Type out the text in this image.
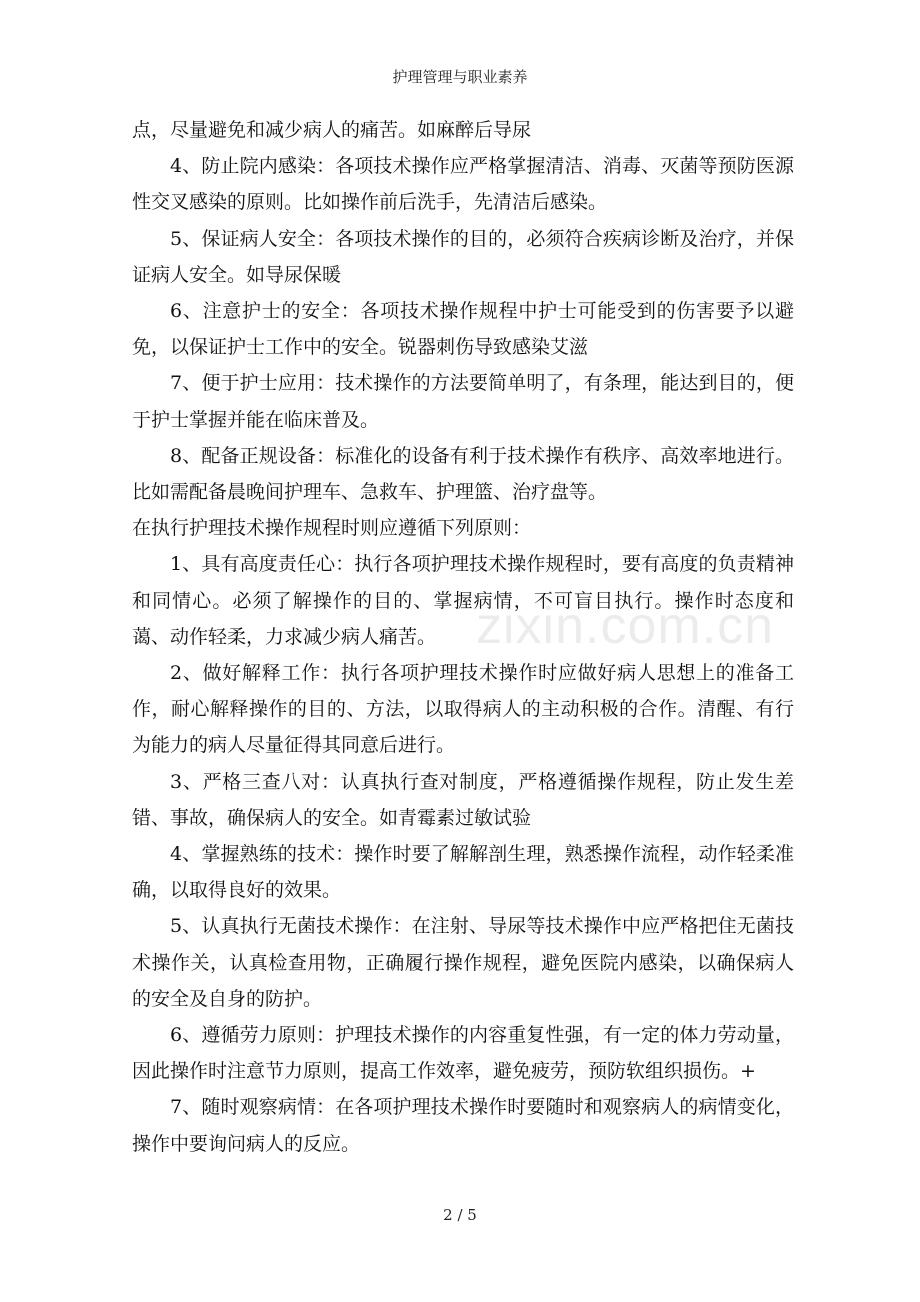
护理管理与职业素养

点，尽量避免和减少病人的痛苦。如麻醉后导尿

4、防止院内感染：各项技术操作应严格掌握清洁、消毒、灭菌等预防医源性交叉感染的原则。比如操作前后洗手，先清洁后感染。

5、保证病人安全：各项技术操作的目的，必须符合疾病诊断及治疗，并保证病人安全。如导尿保暖

6、注意护士的安全：各项技术操作规程中护士可能受到的伤害要予以避免，以保证护士工作中的安全。锐器刺伤导致感染艾滋

7、便于护士应用：技术操作的方法要简单明了，有条理，能达到目的，便于护士掌握并能在临床普及。

8、配备正规设备：标准化的设备有利于技术操作有秩序、高效率地进行。比如需配备晨晚间护理车、急救车、护理篮、治疗盘等。

在执行护理技术操作规程时则应遵循下列原则：

1、具有高度责任心：执行各项护理技术操作规程时，要有高度的负责精神和同情心。必须了解操作的目的、掌握病情，不可盲目执行。操作时态度和蔼、动作轻柔，力求减少病人痛苦。

2、做好解释工作：执行各项护理技术操作时应做好病人思想上的准备工作，耐心解释操作的目的、方法，以取得病人的主动积极的合作。清醒、有行为能力的病人尽量征得其同意后进行。

3、严格三查八对：认真执行查对制度，严格遵循操作规程，防止发生差错、事故，确保病人的安全。如青霉素过敏试验

4、掌握熟练的技术：操作时要了解解剖生理，熟悉操作流程，动作轻柔准确，以取得良好的效果。

5、认真执行无菌技术操作：在注射、导尿等技术操作中应严格把住无菌技术操作关，认真检查用物，正确履行操作规程，避免医院内感染，以确保病人的安全及自身的防护。

6、遵循劳力原则：护理技术操作的内容重复性强，有一定的体力劳动量，因此操作时注意节力原则，提高工作效率，避免疲劳，预防软组织损伤。+

7、随时观察病情：在各项护理技术操作时要随时和观察病人的病情变化，操作中要询问病人的反应。

zixin.com.cn
2 / 5
